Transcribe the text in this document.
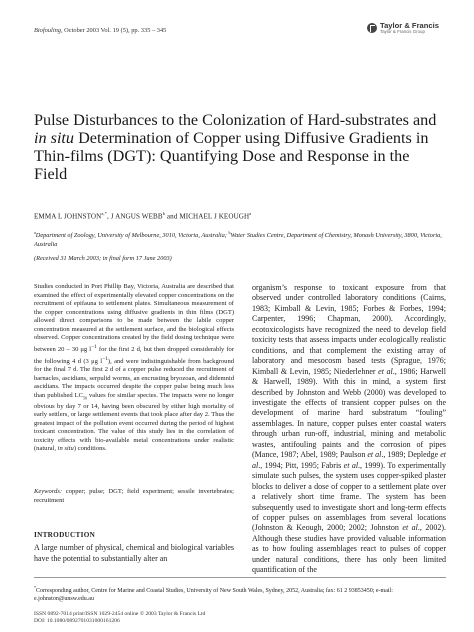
Biofouling, October 2003 Vol. 19 (5), pp. 335 – 345
Taylor & Francis
Taylor & Francis Group
Pulse Disturbances to the Colonization of Hard-substrates and in situ Determination of Copper using Diffusive Gradients in Thin-films (DGT): Quantifying Dose and Response in the Field
EMMA L $JOHNSTON^{a,*}$, J ANGUS WEBB$^b$ and MICHAEL J KEOUGH$^a$
$^a$Department of Zoology, University of Melbourne, 3010, Victoria, Australia; $^b$Water Studies Centre, Department of Chemistry, Monash University, 3800, Victoria, Australia
(Received 31 March 2003; in final form 17 June 2003)
Studies conducted in Port Phillip Bay, Victoria, Australia are described that examined the effect of experimentally elevated copper concentrations on the recruitment of epifauna to settlement plates. Simultaneous measurement of the copper concentrations using diffusive gradients in thin films (DGT) allowed direct comparisons to be made between the labile copper concentration measured at the settlement surface, and the biological effects observed. Copper concentrations created by the field dosing technique were between 20 – 30 μg $l^{-1}$ for the first 2 d, but then dropped considerably for the following 4 d (3 μg $l^{-1}$), and were indistinguishable from background for the final 7 d. The first 2 d of a copper pulse reduced the recruitment of barnacles, ascidians, serpulid worms, an encrusting bryozoan, and didemnid ascidians. The impacts occurred despite the copper pulse being much less than published $LC_{50}$ values for similar species. The impacts were no longer obvious by day 7 or 14, having been obscured by either high mortality of early settlers, or large settlement events that took place after day 2. Thus the greatest impact of the pollution event occurred during the period of highest toxicant concentration. The value of this study lies in the correlation of toxicity effects with bio-available metal concentrations under realistic (natural, in situ) conditions.
Keywords: copper; pulse; DGT; field experiment; sessile invertebrates; recruitment
INTRODUCTION
A large number of physical, chemical and biological variables have the potential to substantially alter an
organism’s response to toxicant exposure from that observed under controlled laboratory conditions (Cairns, 1983; Kimball & Levin, 1985; Forbes & Forbes, 1994; Carpenter, 1996; Chapman, 2000). Accordingly, ecotoxicologists have recognized the need to develop field toxicity tests that assess impacts under ecologically realistic conditions, and that complement the existing array of laboratory and mesocosm based tests (Sprague, 1976; Kimball & Levin, 1985; Niederlehner et al., 1986; Harwell & Harwell, 1989). With this in mind, a system first described by Johnston and Webb (2000) was developed to investigate the effects of transient copper pulses on the development of marine hard substratum “fouling” assemblages. In nature, copper pulses enter coastal waters through urban run-off, industrial, mining and metabolic wastes, antifouling paints and the corrosion of pipes (Mance, 1987; Abel, 1989; Paulson et al., 1989; Depledge et al., 1994; Pitt, 1995; Fabris et al., 1999). To experimentally simulate such pulses, the system uses copper-spiked plaster blocks to deliver a dose of copper to a settlement plate over a relatively short time frame. The system has been subsequently used to investigate short and long-term effects of copper pulses on assemblages from several locations (Johnston & Keough, 2000; 2002; Johnston et al., 2002). Although these studies have provided valuable information as to how fouling assemblages react to pulses of copper under natural conditions, there has only been limited quantification of the
*Corresponding author, Centre for Marine and Coastal Studies, University of New South Wales, Sydney, 2052, Australia; fax: 61 2 93853450; e-mail: e.johnston@unsw.edu.au
ISSN 0892-7014 print/ISSN 1029-2454 online © 2003 Taylor & Francis Ltd
DOI: 10.1080/0892701031000161206
